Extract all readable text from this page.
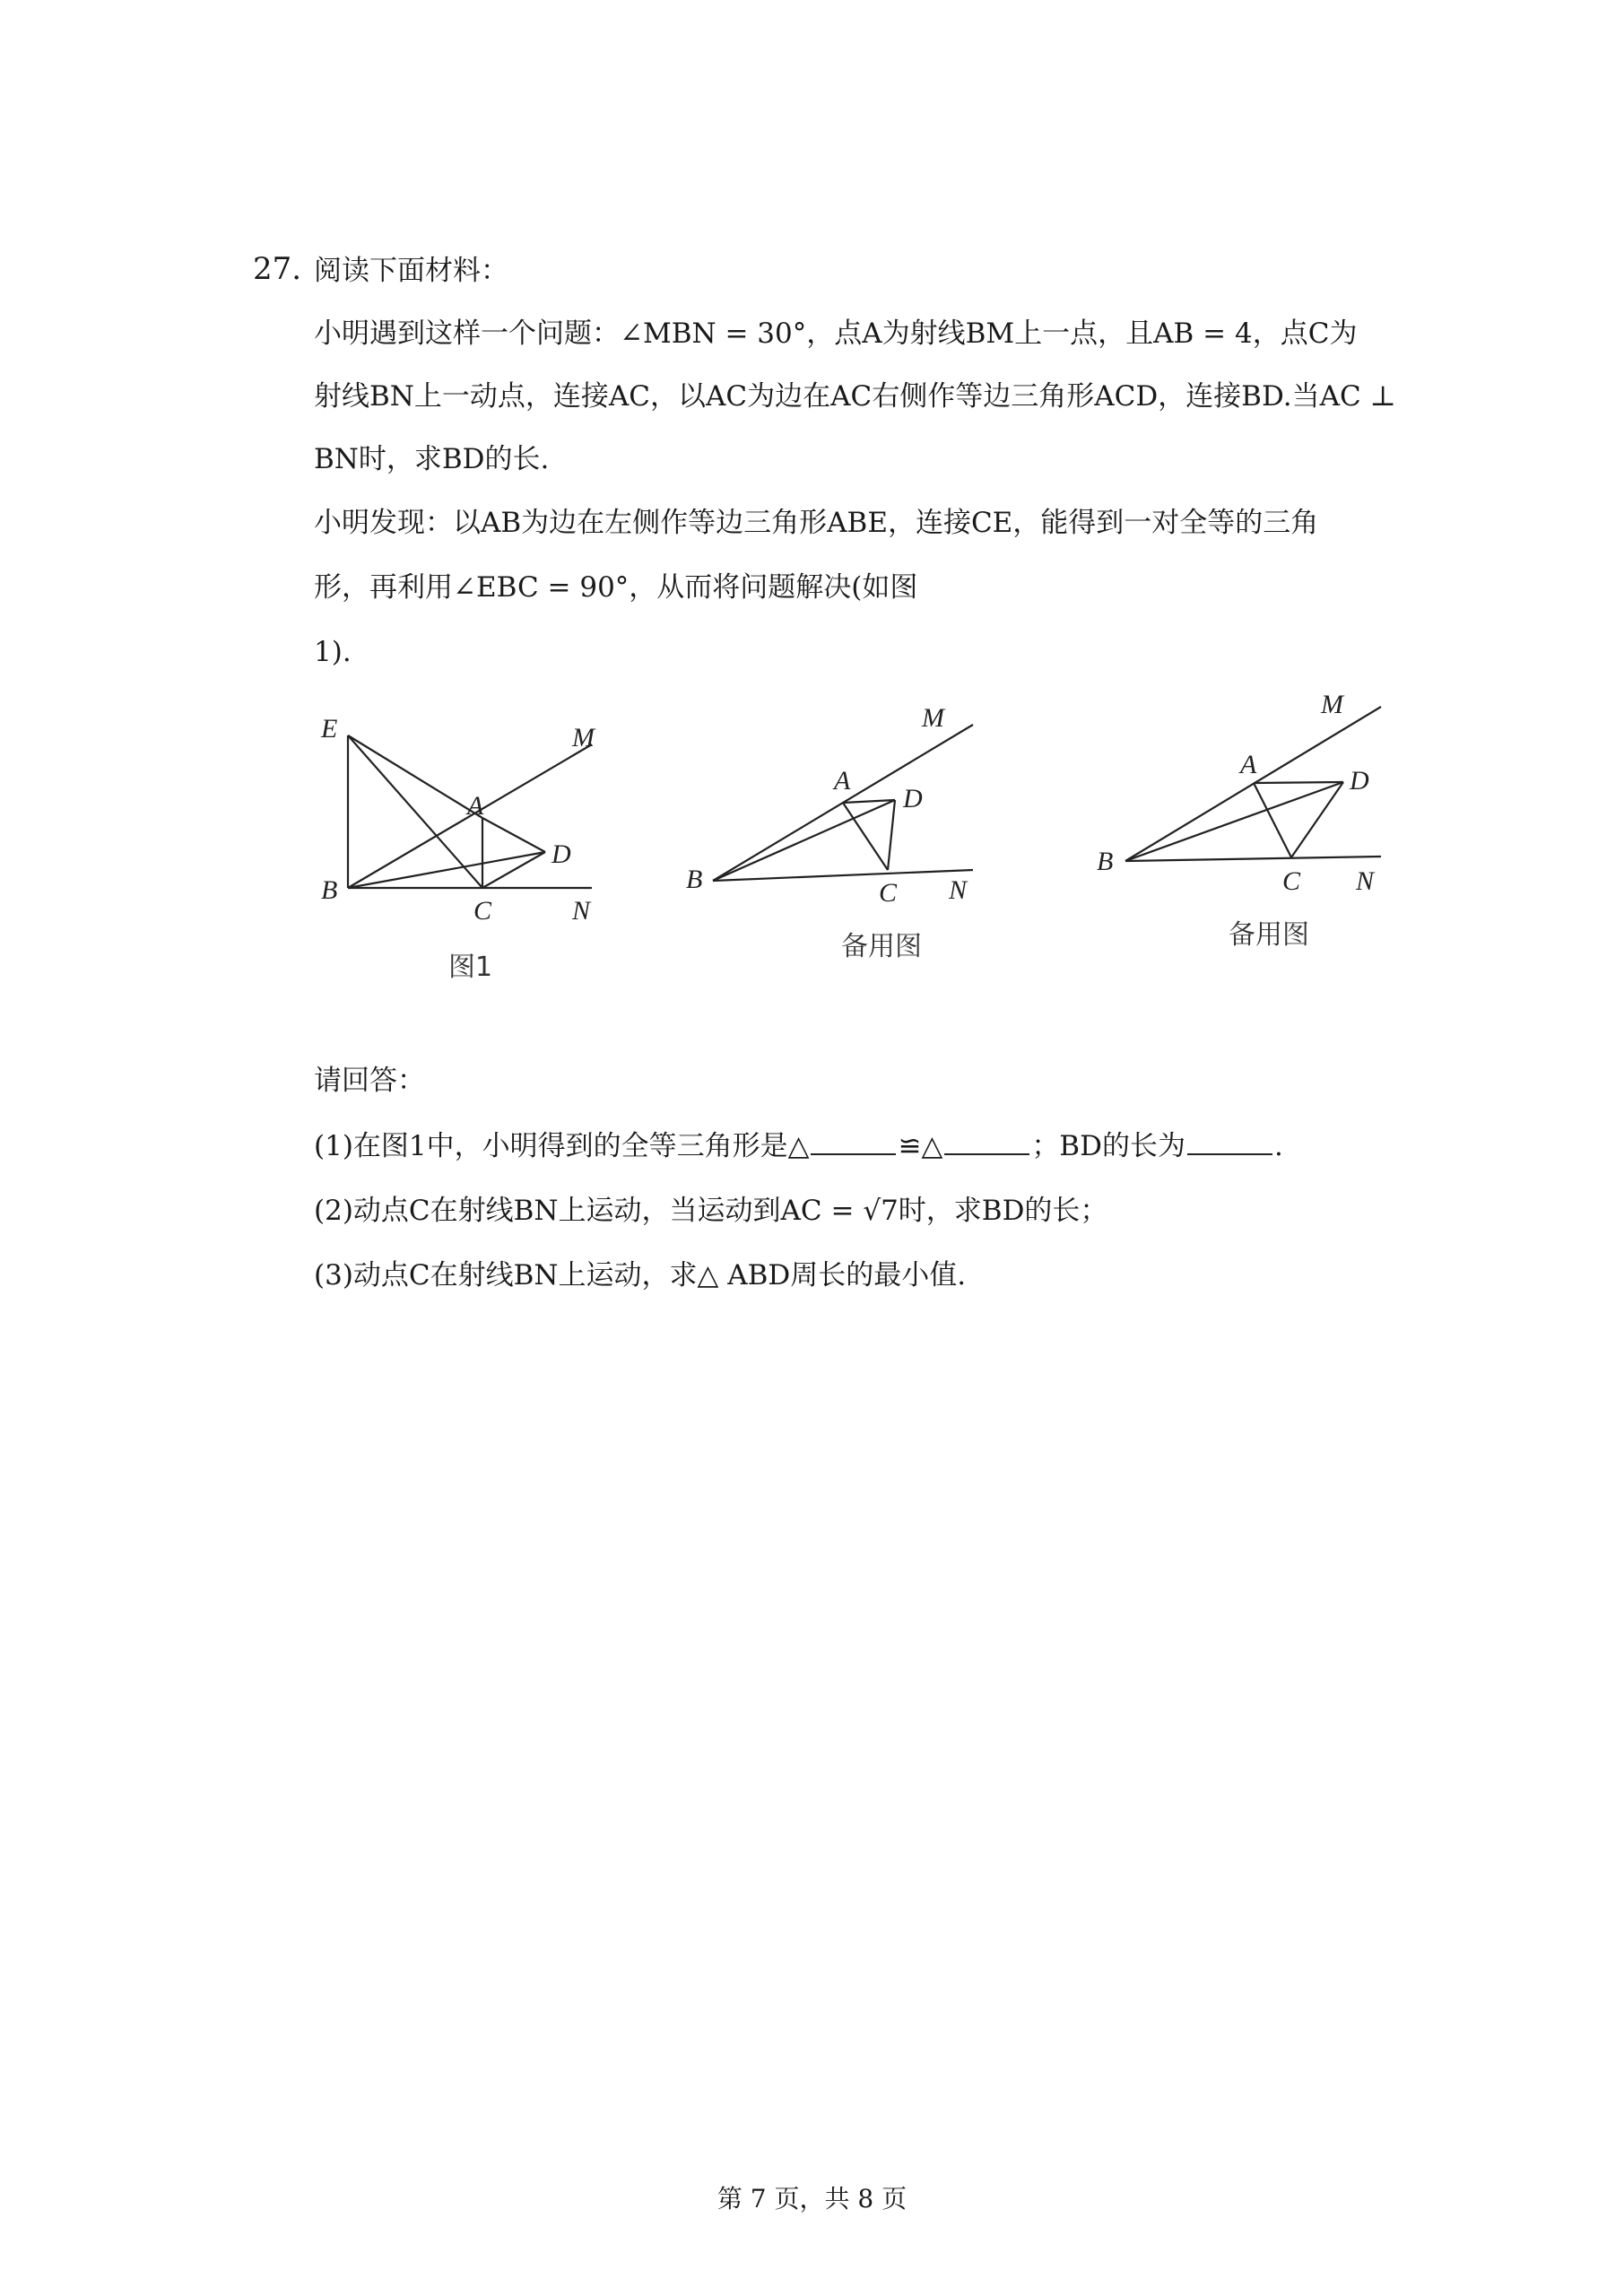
27. 阅读下面材料：
小明遇到这样一个问题：∠MBN = 30°，点A为射线BM上一点，且AB = 4，点C为
射线BN上一动点，连接AC，以AC为边在AC右侧作等边三角形ACD，连接BD.当AC ⊥
BN时，求BD的长.
小明发现：以AB为边在左侧作等边三角形ABE，连接CE，能得到一对全等的三角
形，再利用∠EBC = 90°，从而将问题解决(如图
1).
E	M
A
D
B
C	N
图1
M
A
D
B	C N
备用图
M
A
D
B
C N
备用图
请回答：
(1)在图1中，小明得到的全等三角形是△	≌△	；BD的长为	.
(2)动点C在射线BN上运动，当运动到AC = √7时，求BD的长；
(3)动点C在射线BN上运动，求△ ABD周长的最小值.
第 7 页，共 8 页
